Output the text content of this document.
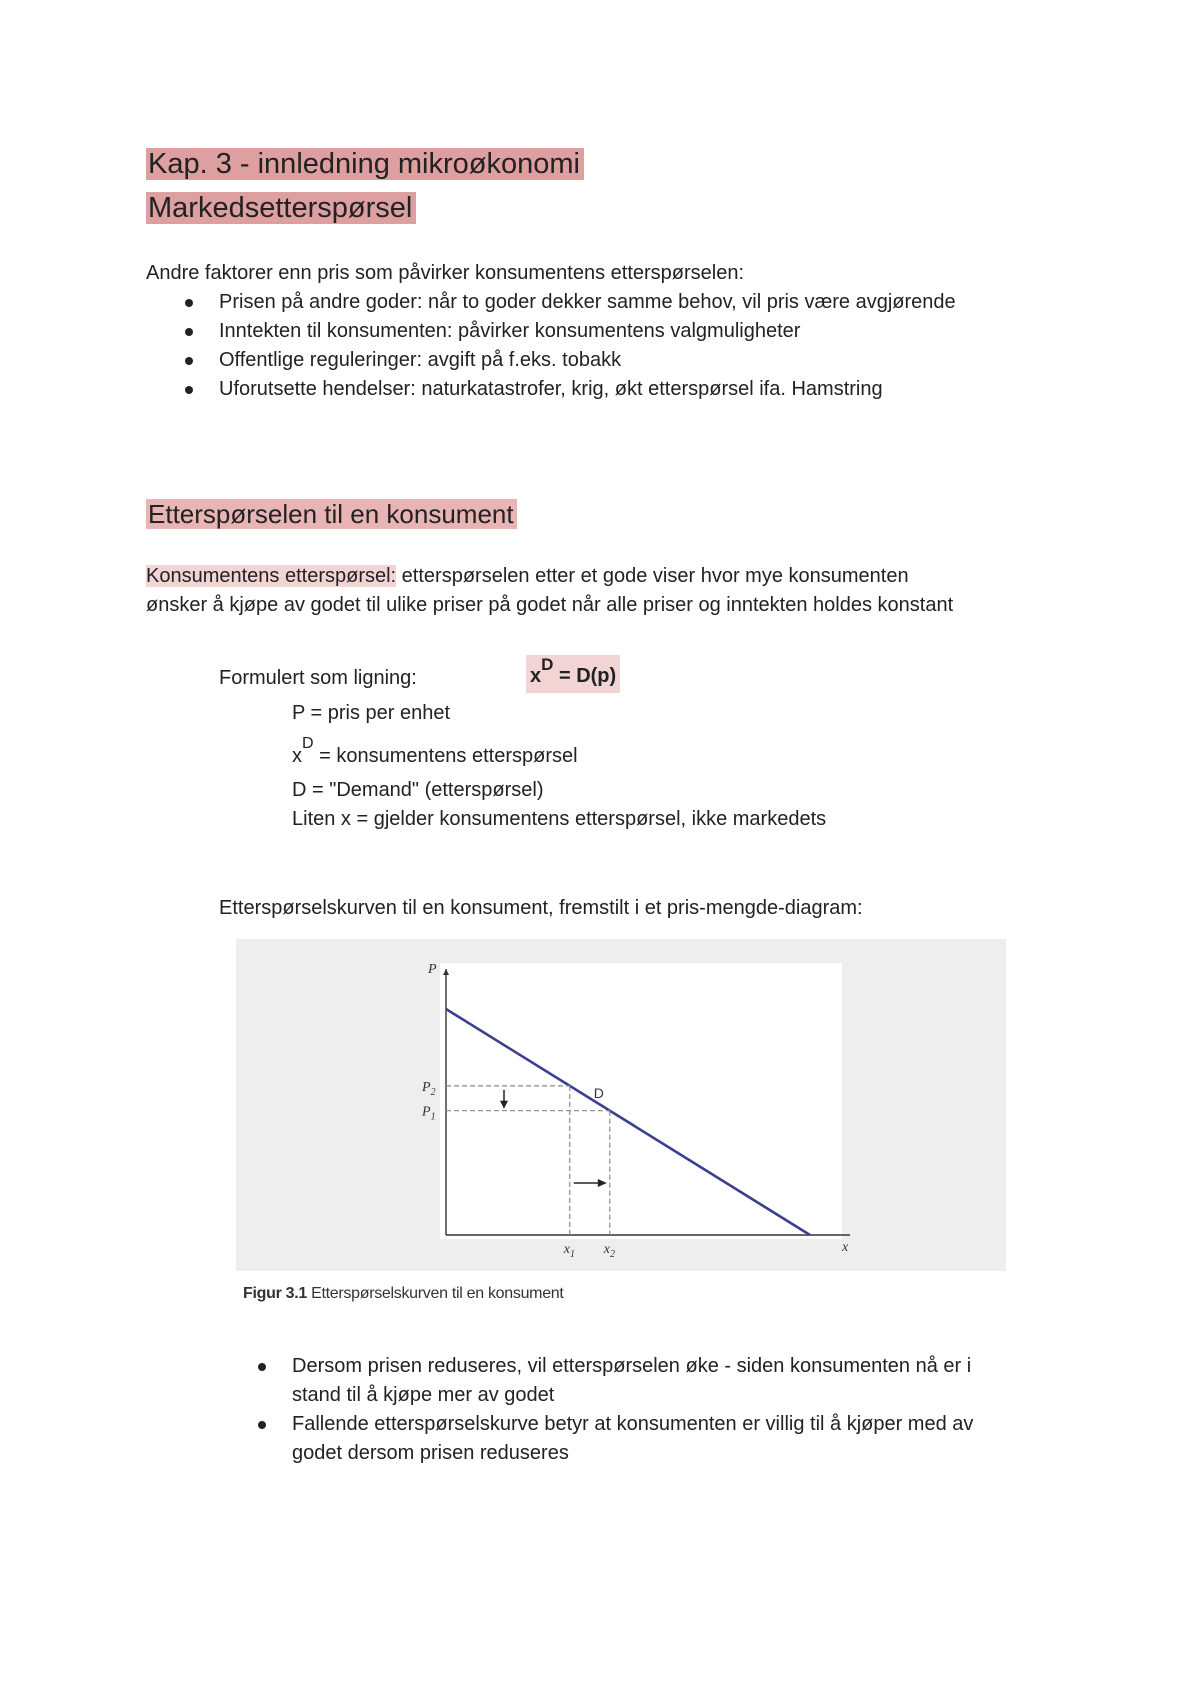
Kap. 3 - innledning mikroøkonomi
Markedsetterspørsel
Andre faktorer enn pris som påvirker konsumentens etterspørselen:
Prisen på andre goder: når to goder dekker samme behov, vil pris være avgjørende
Inntekten til konsumenten: påvirker konsumentens valgmuligheter
Offentlige reguleringer: avgift på f.eks. tobakk
Uforutsette hendelser: naturkatastrofer, krig, økt etterspørsel ifa. Hamstring
Etterspørselen til en konsument
Konsumentens etterspørsel: etterspørselen etter et gode viser hvor mye konsumenten
ønsker å kjøpe av godet til ulike priser på godet når alle priser og inntekten holdes konstant
Formulert som ligning:	xD = D(p)
P = pris per enhet
$x^D$ = konsumentens etterspørsel
D = "Demand" (etterspørsel)
Liten x = gjelder konsumentens etterspørsel, ikke markedets
Etterspørselskurven til en konsument, fremstilt i et pris-mengde-diagram:
P
x
$P_2$
$x_1$
$P_1$
$x_2$
D
Figur 3.1 Etterspørselskurven til en konsument
Dersom prisen reduseres, vil etterspørselen øke - siden konsumenten nå er i
stand til å kjøpe mer av godet
Fallende etterspørselskurve betyr at konsumenten er villig til å kjøper med av
godet dersom prisen reduseres
